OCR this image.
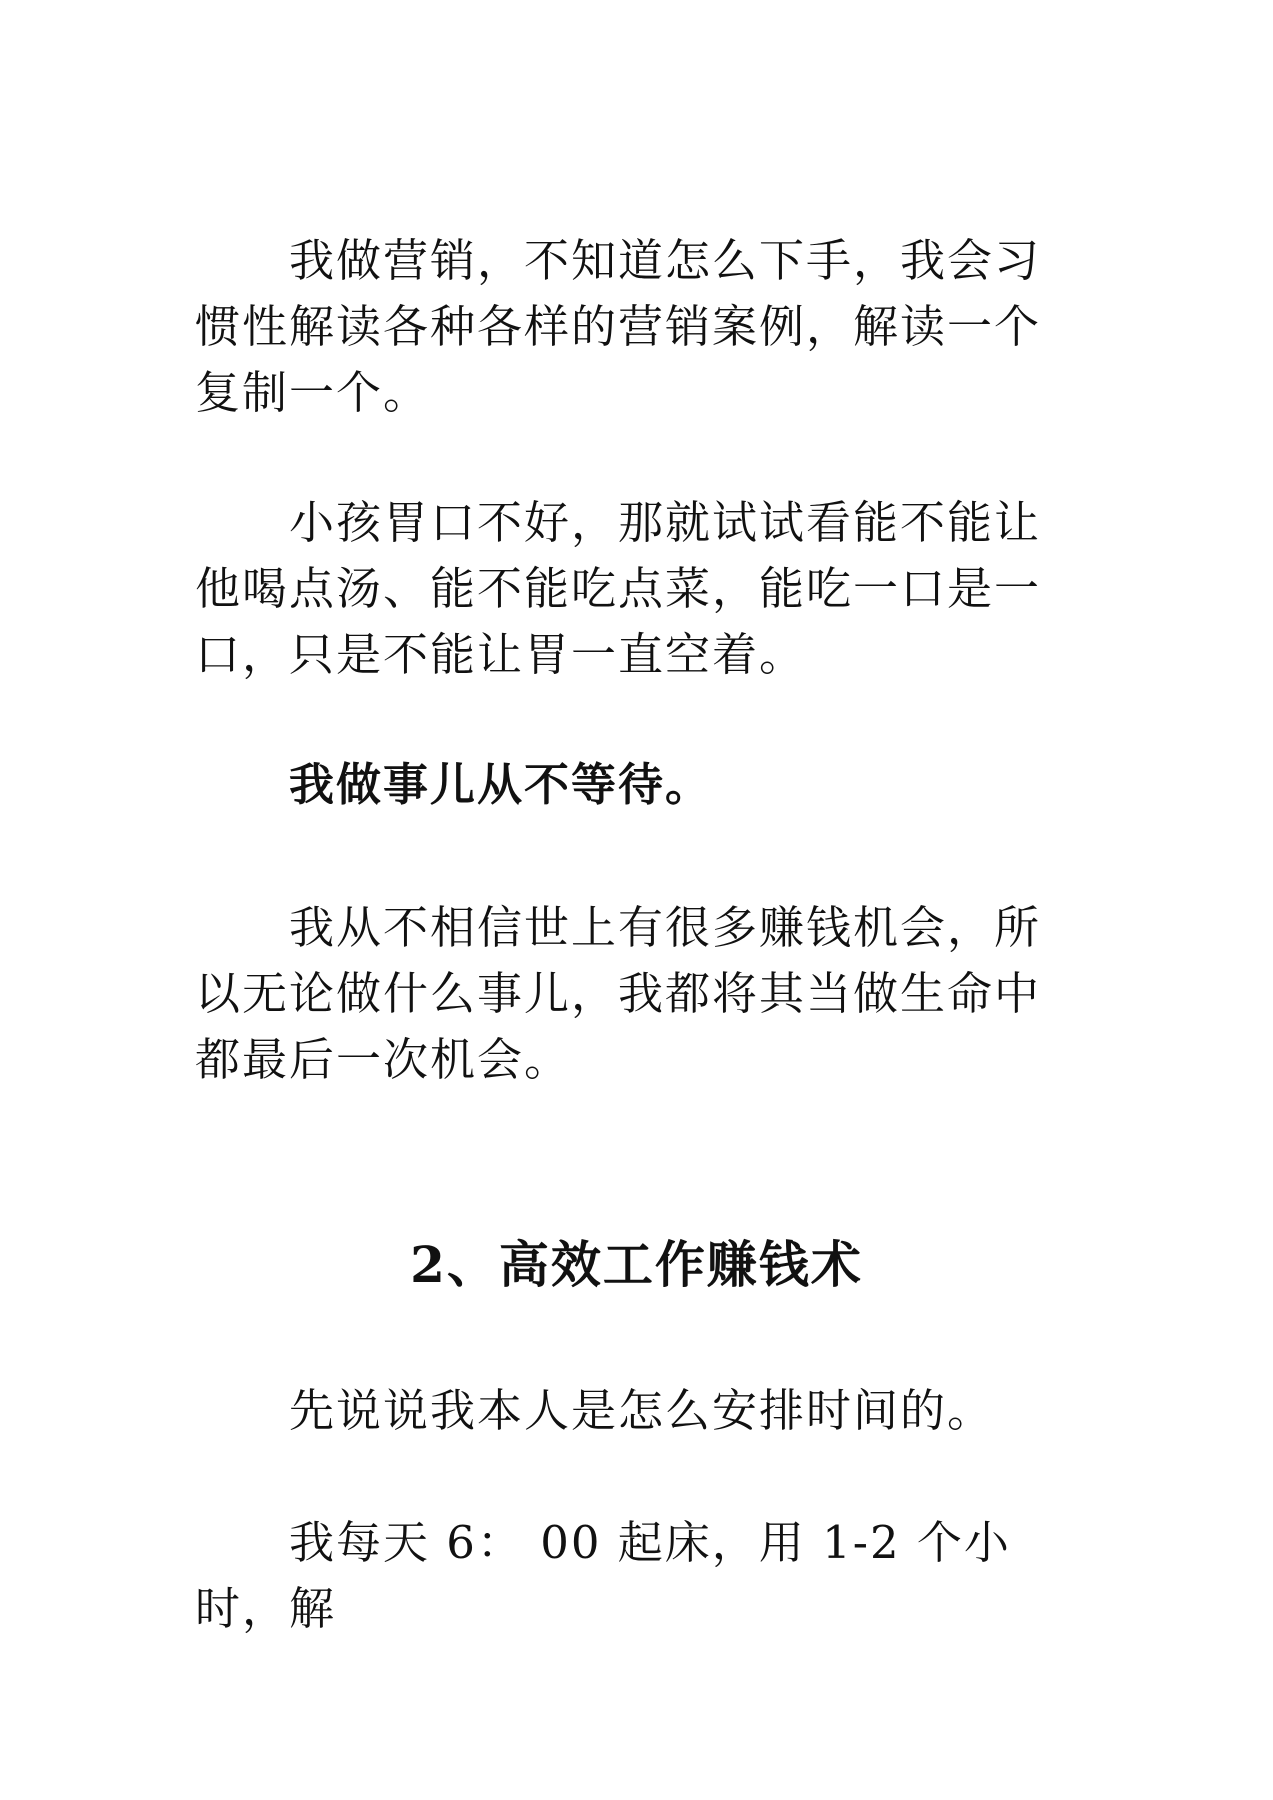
我做营销，不知道怎么下手，我会习惯性解读各种各样的营销案例，解读一个复制一个。

小孩胃口不好，那就试试看能不能让他喝点汤、能不能吃点菜，能吃一口是一口，只是不能让胃一直空着。

我做事儿从不等待。

我从不相信世上有很多赚钱机会，所以无论做什么事儿，我都将其当做生命中都最后一次机会。

2、高效工作赚钱术

先说说我本人是怎么安排时间的。

我每天 6： 00 起床，用 1-2 个小时，解
